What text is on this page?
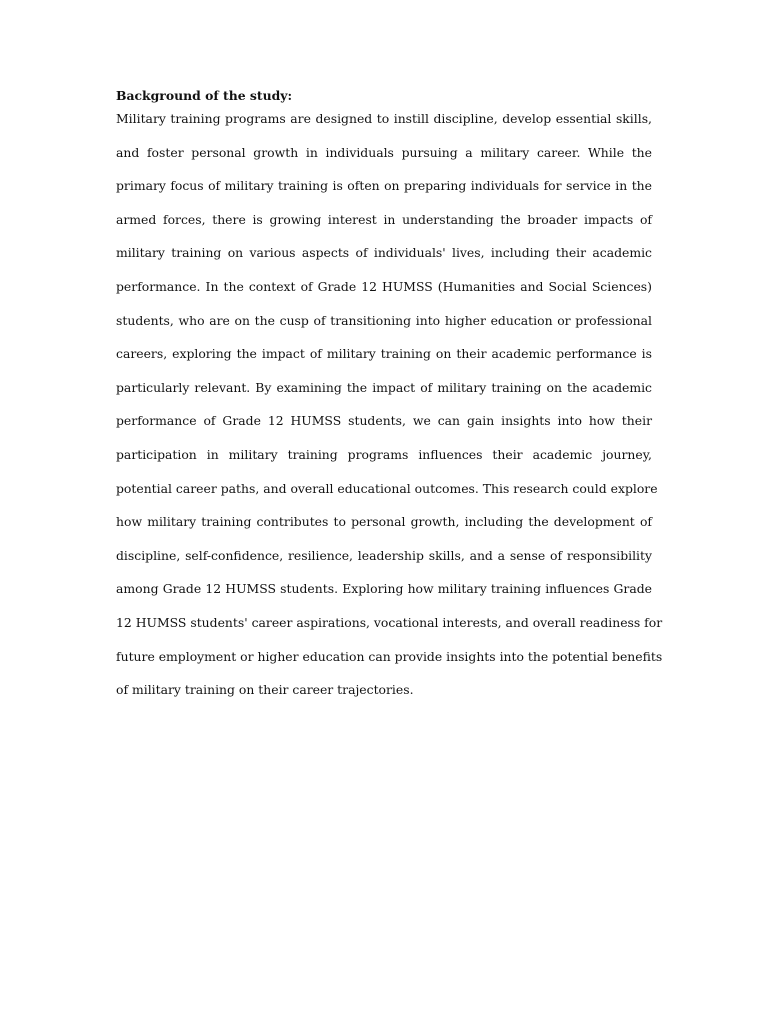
Background of the study:
Military training programs are designed to instill discipline, develop essential skills,
and foster personal growth in individuals pursuing a military career. While the
primary focus of military training is often on preparing individuals for service in the
armed forces, there is growing interest in understanding the broader impacts of
military training on various aspects of individuals' lives, including their academic
performance. In the context of Grade 12 HUMSS (Humanities and Social Sciences)
students, who are on the cusp of transitioning into higher education or professional
careers, exploring the impact of military training on their academic performance is
particularly relevant. By examining the impact of military training on the academic
performance of Grade 12 HUMSS students, we can gain insights into how their
participation in military training programs influences their academic journey,
potential career paths, and overall educational outcomes. This research could explore
how military training contributes to personal growth, including the development of
discipline, self-confidence, resilience, leadership skills, and a sense of responsibility
among Grade 12 HUMSS students. Exploring how military training influences Grade
12 HUMSS students' career aspirations, vocational interests, and overall readiness for
future employment or higher education can provide insights into the potential benefits
of military training on their career trajectories.
